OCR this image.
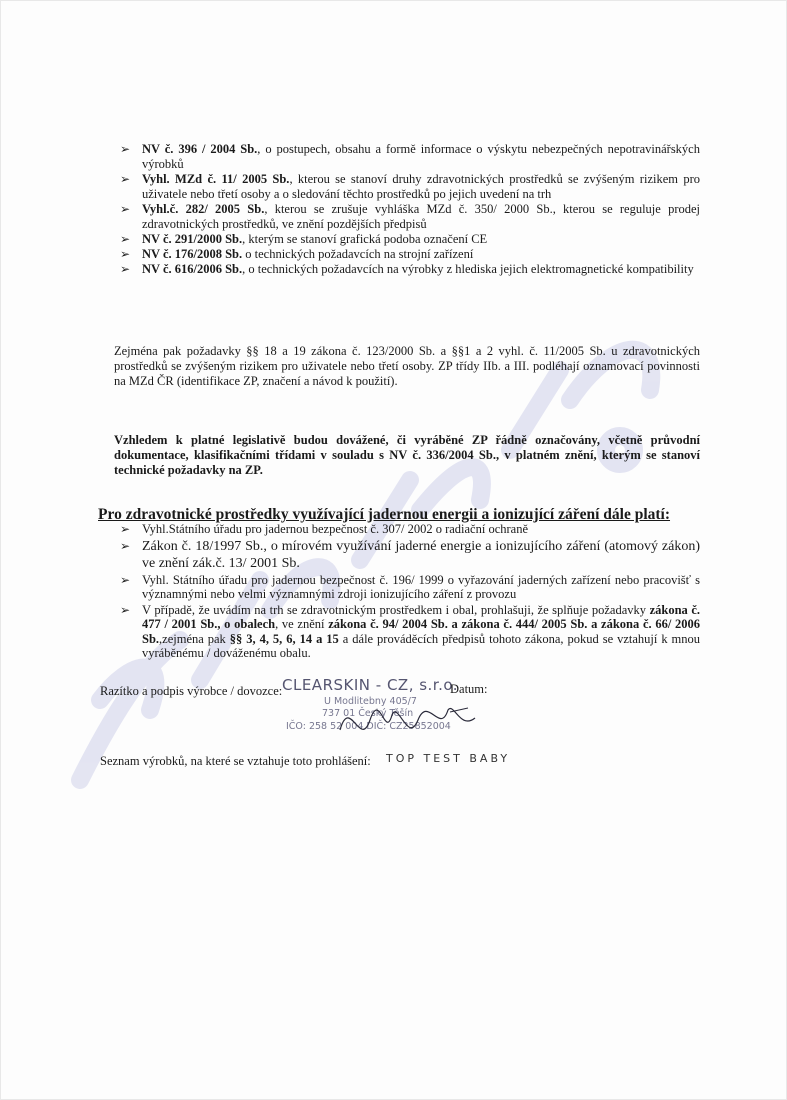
➢ NV č. 396 / 2004 Sb., o postupech, obsahu a formě informace o výskytu nebezpečných nepotravinářských výrobků
➢ Vyhl. MZd č. 11/ 2005 Sb., kterou se stanoví druhy zdravotnických prostředků se zvýšeným rizikem pro uživatele nebo třetí osoby a o sledování těchto prostředků po jejich uvedení na trh
➢ Vyhl.č. 282/ 2005 Sb., kterou se zrušuje vyhláška MZd č. 350/ 2000 Sb., kterou se reguluje prodej zdravotnických prostředků, ve znění pozdějších předpisů
➢ NV č. 291/2000 Sb., kterým se stanoví grafická podoba označení CE
➢ NV č. 176/2008 Sb. o technických požadavcích na strojní zařízení
➢ NV č. 616/2006 Sb., o technických požadavcích na výrobky z hlediska jejich elektromagnetické kompatibility
Zejména pak požadavky §§ 18 a 19 zákona č. 123/2000 Sb. a §§1 a 2 vyhl. č. 11/2005 Sb. u zdravotnických prostředků se zvýšeným rizikem pro uživatele nebo třetí osoby. ZP třídy IIb. a III. podléhají oznamovací povinnosti na MZd ČR (identifikace ZP, značení a návod k použití).
Vzhledem k platné legislativě budou dovážené, či vyráběné ZP řádně označovány, včetně průvodní dokumentace, klasifikačními třídami v souladu s NV č. 336/2004 Sb., v platném znění, kterým se stanoví technické požadavky na ZP.
Pro zdravotnické prostředky využívající jadernou energii a ionizující záření dále platí:
➢ Vyhl.Státního úřadu pro jadernou bezpečnost č. 307/ 2002 o radiační ochraně
➢ Zákon č. 18/1997 Sb., o mírovém využívání jaderné energie a ionizujícího záření (atomový zákon) ve znění zák.č. 13/ 2001 Sb.
➢ Vyhl. Státního úřadu pro jadernou bezpečnost č. 196/ 1999 o vyřazování jaderných zařízení nebo pracovišť s významnými nebo velmi významnými zdroji ionizujícího záření z provozu
➢ V případě, že uvádím na trh se zdravotnickým prostředkem i obal, prohlašuji, že splňuje požadavky zákona č. 477 / 2001 Sb., o obalech, ve znění zákona č. 94/ 2004 Sb. a zákona č. 444/ 2005 Sb. a zákona č. 66/ 2006 Sb.,zejména pak §§ 3, 4, 5, 6, 14 a 15 a dále prováděcích předpisů tohoto zákona, pokud se vztahují k mnou vyráběnému / dováženému obalu.
Razítko a podpis výrobce / dovozce: CLEARSKIN - CZ, s.r.o.
U Modlitebny 405/7
737 01 Český Těšín
IČO: 258 52 004 DIČ: CZ25852004
Datum:
Seznam výrobků, na které se vztahuje toto prohlášení: TOP TEST BABY
